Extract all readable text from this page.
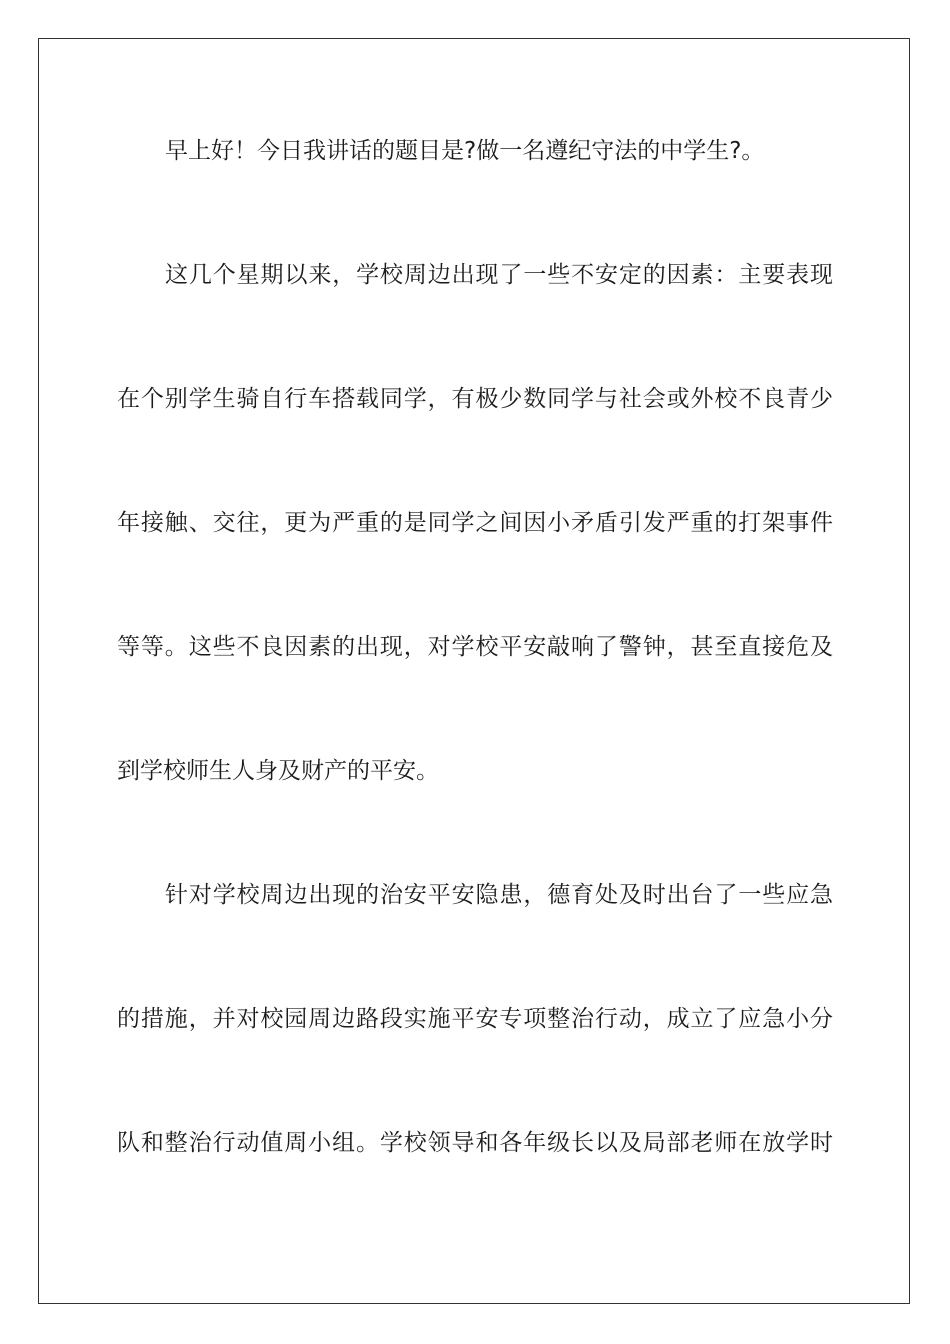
早上好！今日我讲话的题目是?做一名遵纪守法的中学生?。
这几个星期以来，学校周边出现了一些不安定的因素：主要表现
在个别学生骑自行车搭载同学，有极少数同学与社会或外校不良青少
年接触、交往，更为严重的是同学之间因小矛盾引发严重的打架事件
等等。这些不良因素的出现，对学校平安敲响了警钟，甚至直接危及
到学校师生人身及财产的平安。
针对学校周边出现的治安平安隐患，德育处及时出台了一些应急
的措施，并对校园周边路段实施平安专项整治行动，成立了应急小分
队和整治行动值周小组。学校领导和各年级长以及局部老师在放学时
